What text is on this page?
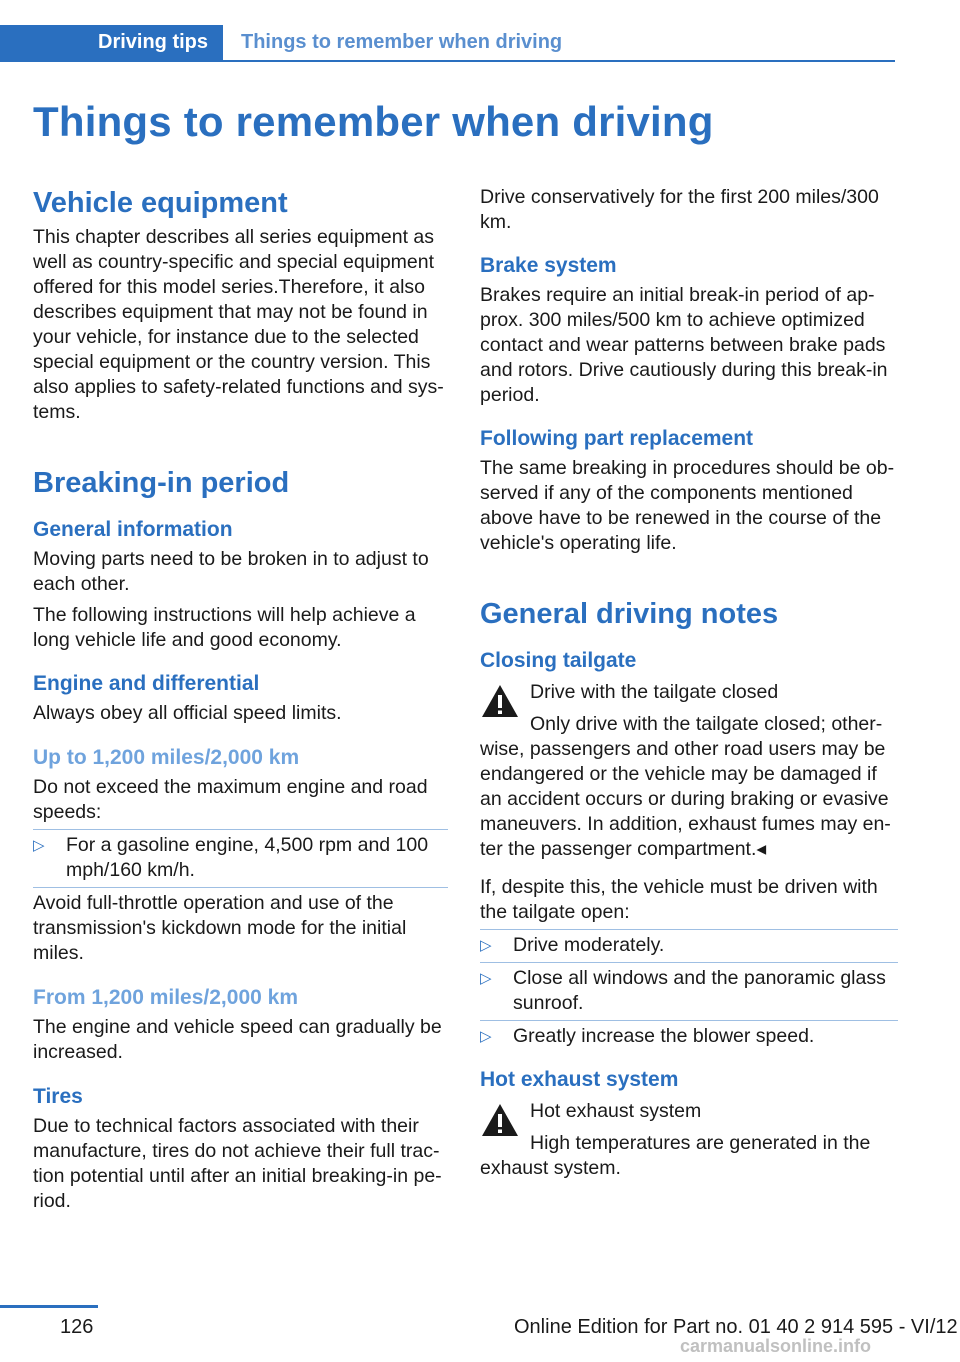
Driving tips	Things to remember when driving
Things to remember when driving
Vehicle equipment
This chapter describes all series equipment as well as country-specific and special equipment offered for this model series.Therefore, it also describes equipment that may not be found in your vehicle, for instance due to the selected special equipment or the country version. This also applies to safety-related functions and sys-tems.
Breaking-in period
General information
Moving parts need to be broken in to adjust to each other.
The following instructions will help achieve a long vehicle life and good economy.
Engine and differential
Always obey all official speed limits.
Up to 1,200 miles/2,000 km
Do not exceed the maximum engine and road speeds:
▷ For a gasoline engine, 4,500 rpm and 100 mph/160 km/h.
Avoid full-throttle operation and use of the transmission's kickdown mode for the initial miles.
From 1,200 miles/2,000 km
The engine and vehicle speed can gradually be increased.
Tires
Due to technical factors associated with their manufacture, tires do not achieve their full trac-tion potential until after an initial breaking-in pe-riod.
Drive conservatively for the first 200 miles/300 km.
Brake system
Brakes require an initial break-in period of ap-prox. 300 miles/500 km to achieve optimized contact and wear patterns between brake pads and rotors. Drive cautiously during this break-in period.
Following part replacement
The same breaking in procedures should be ob-served if any of the components mentioned above have to be renewed in the course of the vehicle's operating life.
General driving notes
Closing tailgate
Drive with the tailgate closed
Only drive with the tailgate closed; other-
wise, passengers and other road users may be endangered or the vehicle may be damaged if an accident occurs or during braking or evasive maneuvers. In addition, exhaust fumes may en-ter the passenger compartment.◂
If, despite this, the vehicle must be driven with the tailgate open:
▷ Drive moderately.
▷ Close all windows and the panoramic glass sunroof.
▷ Greatly increase the blower speed.
Hot exhaust system
Hot exhaust system
High temperatures are generated in the
exhaust system.
126	Online Edition for Part no. 01 40 2 914 595 - VI/12
carmanualsonline.info
